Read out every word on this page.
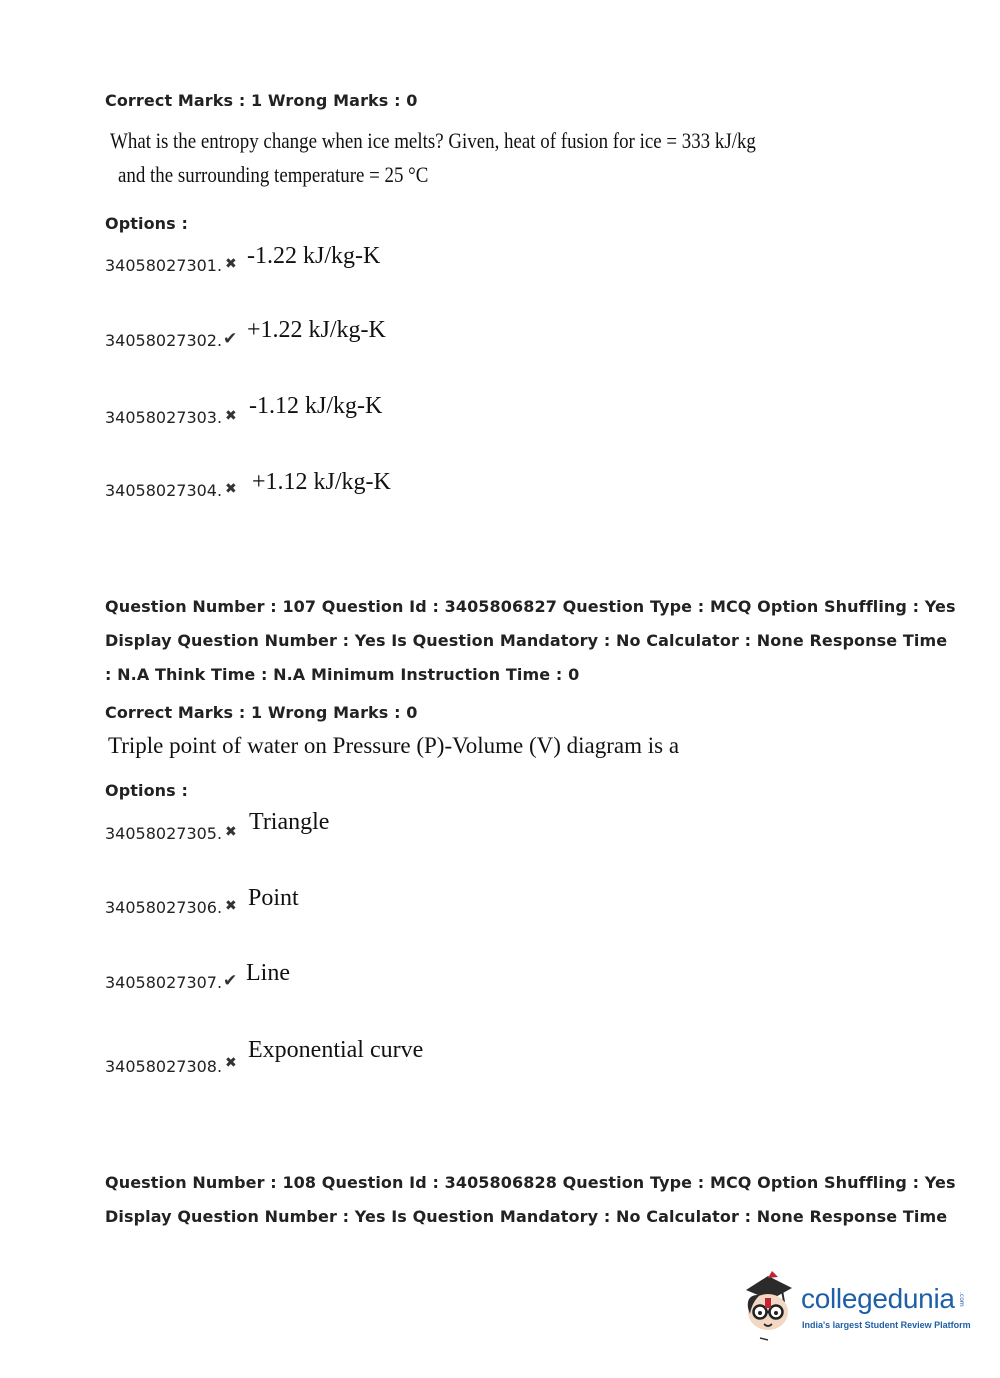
Correct Marks : 1 Wrong Marks : 0
What is the entropy change when ice melts? Given, heat of fusion for ice = 333 kJ/kg
and the surrounding temperature = 25 °C
Options :
34058027301. ✖ -1.22 kJ/kg-K
34058027302. ✔ +1.22 kJ/kg-K
34058027303. ✖ -1.12 kJ/kg-K
34058027304. ✖ +1.12 kJ/kg-K
Question Number : 107 Question Id : 3405806827 Question Type : MCQ Option Shuffling : Yes
Display Question Number : Yes Is Question Mandatory : No Calculator : None Response Time
: N.A Think Time : N.A Minimum Instruction Time : 0
Correct Marks : 1 Wrong Marks : 0
Triple point of water on Pressure (P)-Volume (V) diagram is a
Options :
34058027305. ✖ Triangle
34058027306. ✖ Point
34058027307. ✔ Line
34058027308. ✖ Exponential curve
Question Number : 108 Question Id : 3405806828 Question Type : MCQ Option Shuffling : Yes
Display Question Number : Yes Is Question Mandatory : No Calculator : None Response Time
collegedunia .com
India's largest Student Review Platform
